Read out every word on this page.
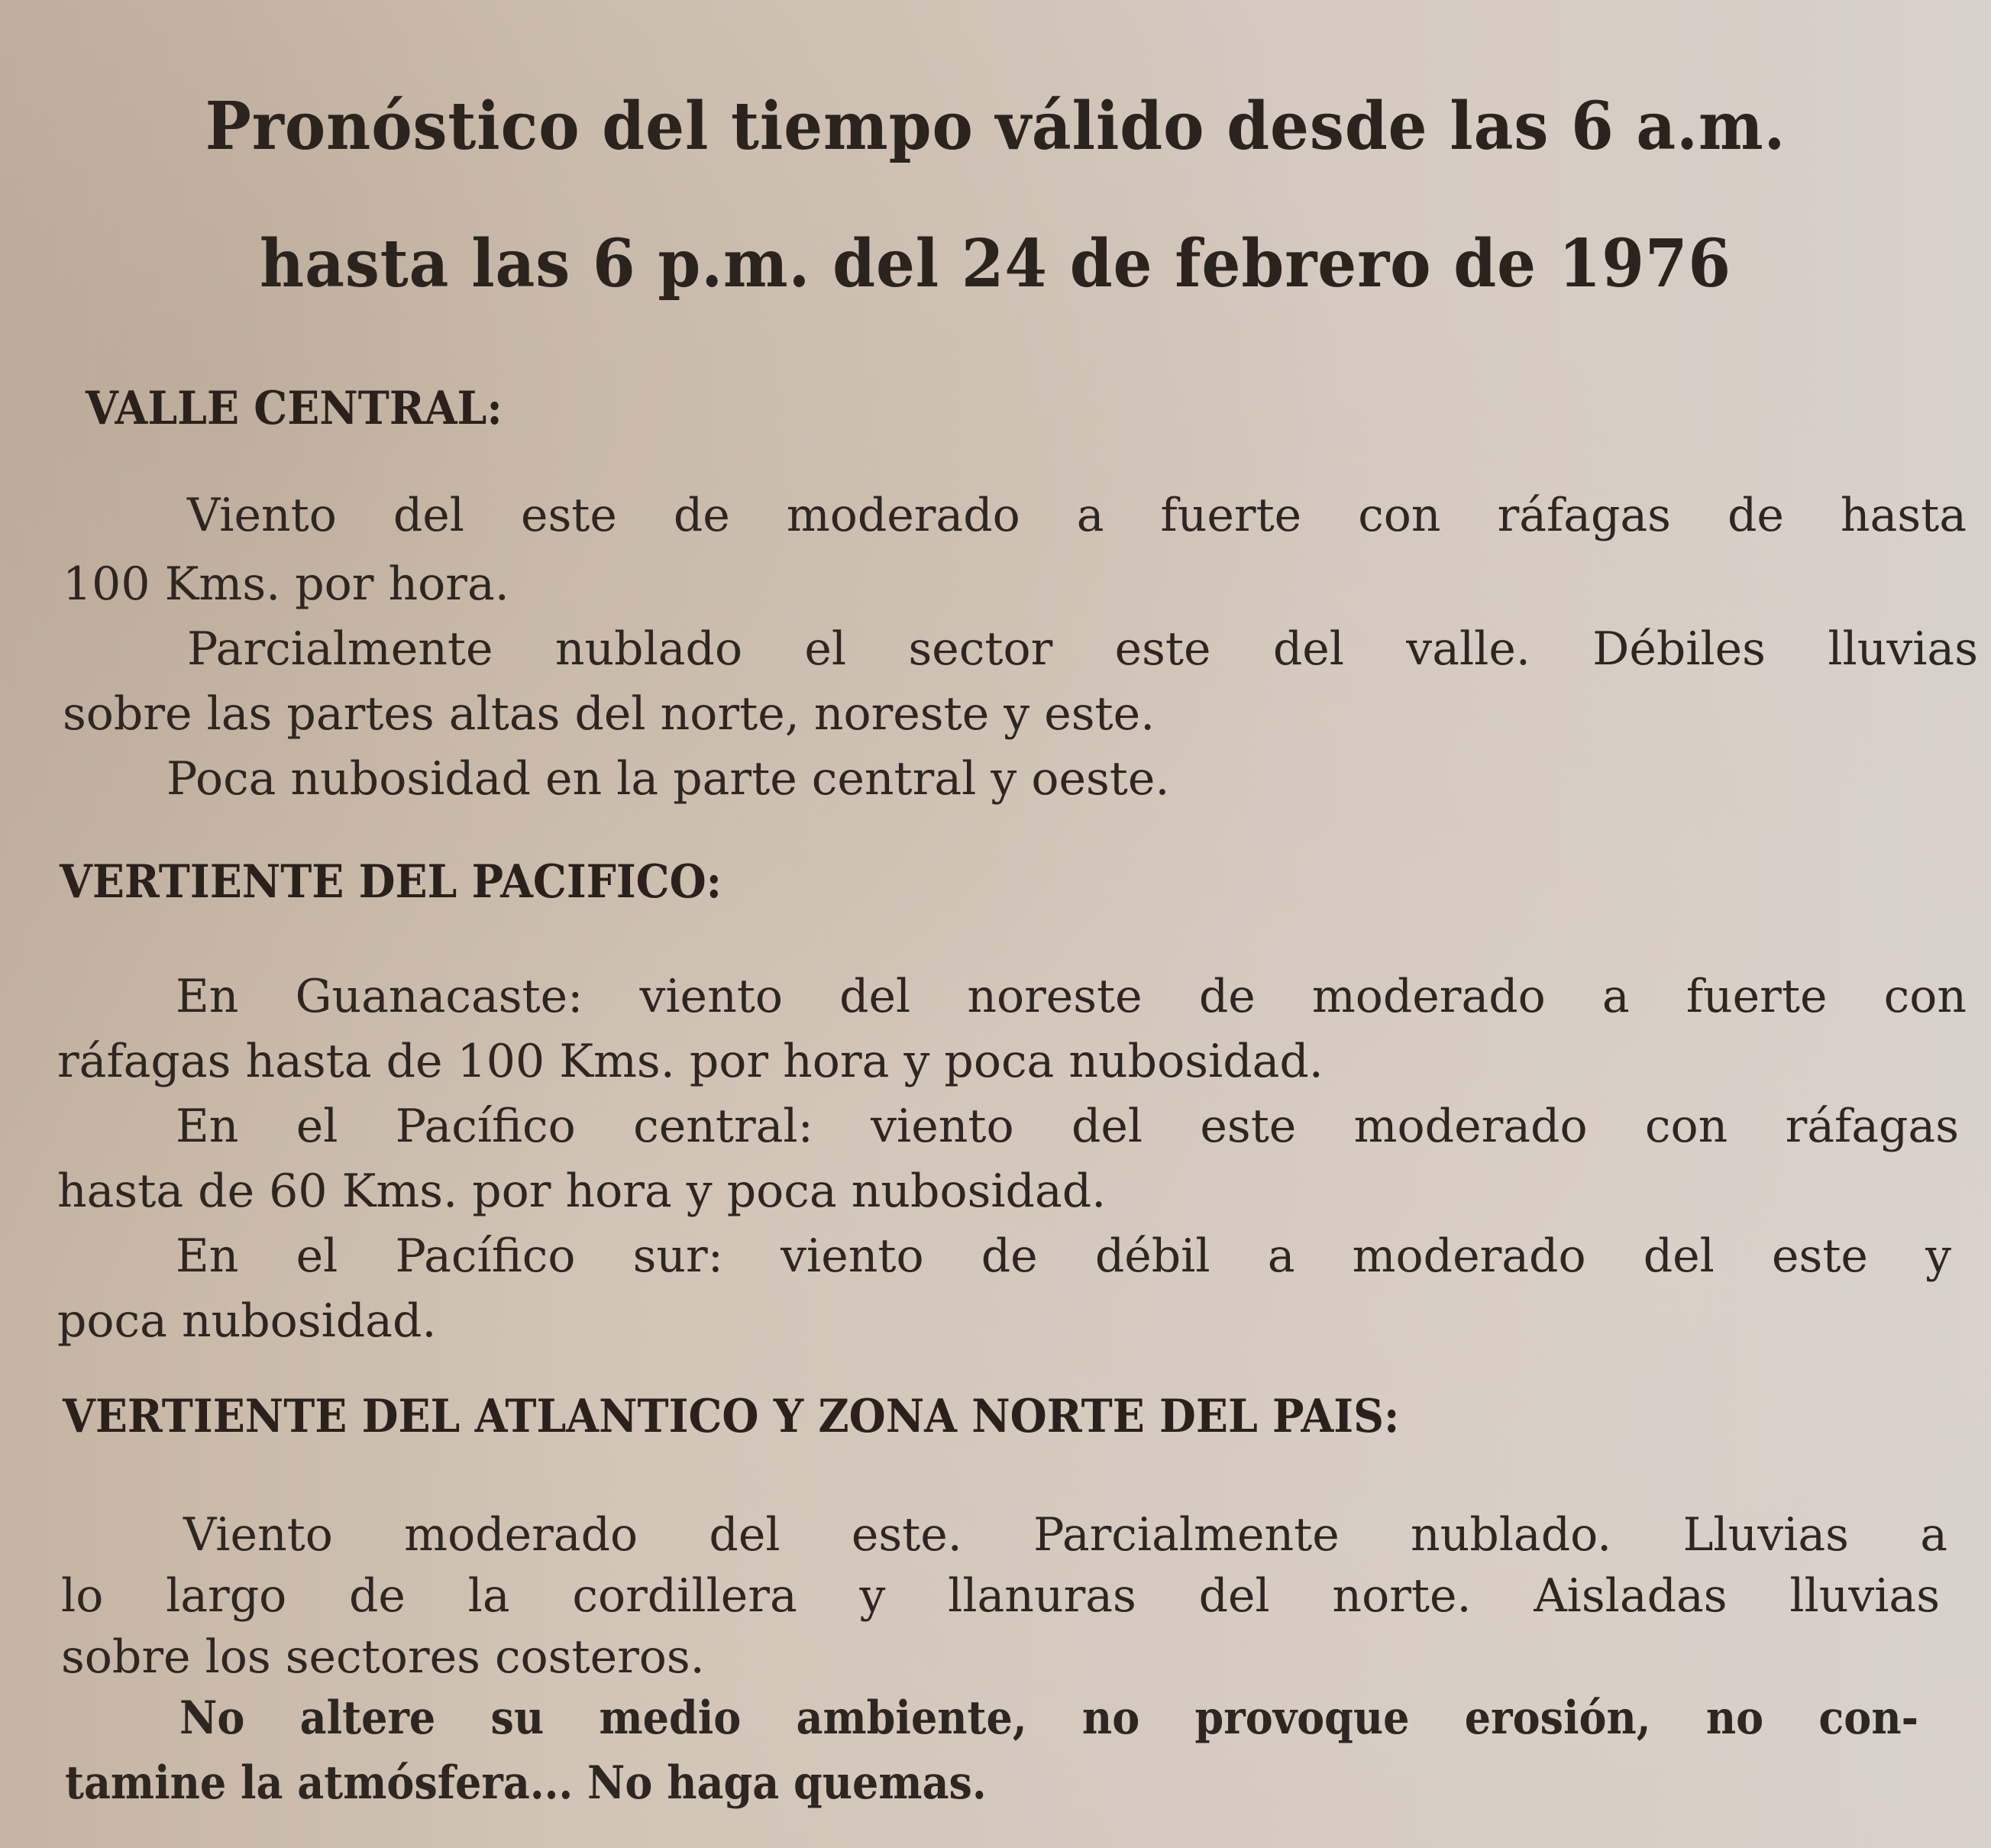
Pronóstico del tiempo válido desde las 6 a.m.
hasta las 6 p.m. del 24 de febrero de 1976
VALLE CENTRAL:
Viento del este de moderado a fuerte con ráfagas de hasta
100 Kms. por hora.
Parcialmente nublado el sector este del valle. Débiles lluvias
sobre las partes altas del norte, noreste y este.
Poca nubosidad en la parte central y oeste.
VERTIENTE DEL PACIFICO:
En Guanacaste: viento del noreste de moderado a fuerte con
ráfagas hasta de 100 Kms. por hora y poca nubosidad.
En el Pacífico central: viento del este moderado con ráfagas
hasta de 60 Kms. por hora y poca nubosidad.
En el Pacífico sur: viento de débil a moderado del este y
poca nubosidad.
VERTIENTE DEL ATLANTICO Y ZONA NORTE DEL PAIS:
Viento moderado del este. Parcialmente nublado. Lluvias a
lo largo de la cordillera y llanuras del norte. Aisladas lluvias
sobre los sectores costeros.
No altere su medio ambiente, no provoque erosión, no con-
tamine la atmósfera... No haga quemas.
